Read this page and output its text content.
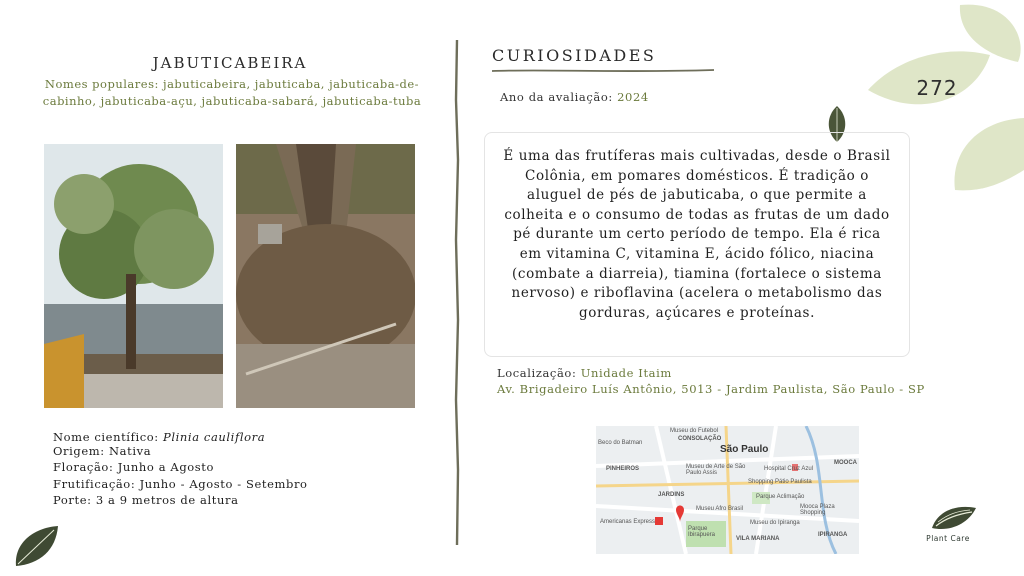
272
JABUTICABEIRA
Nomes populares: jabuticabeira, jabuticaba, jabuticaba-de-cabinho, jabuticaba-açu, jabuticaba-sabará, jabuticaba-tuba
Nome científico: Plinia cauliflora
Origem: Nativa
Floração: Junho a Agosto
Frutificação: Junho - Agosto - Setembro
Porte: 3 a 9 metros de altura
CURIOSIDADES
Ano da avaliação: 2024
É uma das frutíferas mais cultivadas, desde o Brasil Colônia, em pomares domésticos. É tradição o aluguel de pés de jabuticaba, o que permite a colheita e o consumo de todas as frutas de um dado pé durante um certo período de tempo. Ela é rica em vitamina C, vitamina E, ácido fólico, niacina (combate a diarreia), tiamina (fortalece o sistema nervoso) e riboflavina (acelera o metabolismo das gorduras, açúcares e proteínas.
Localização: Unidade Itaim
Av. Brigadeiro Luís Antônio, 5013 - Jardim Paulista, São Paulo - SP
São Paulo
Museu do Futebol
CONSOLAÇÃO
Beco do Batman
PINHEIROS	Museu de Arte de São Paulo Assis
Shopping Pátio Paulista
Hospital Cruz Azul
MOOCA
JARDINS	Parque Aclimação
Museu Afro Brasil	Mooca Plaza Shopping
Americanas Express	Museu do Ipiranga
Parque Ibirapuera
VILA MARIANA
IPIRANGA	Plant Care
